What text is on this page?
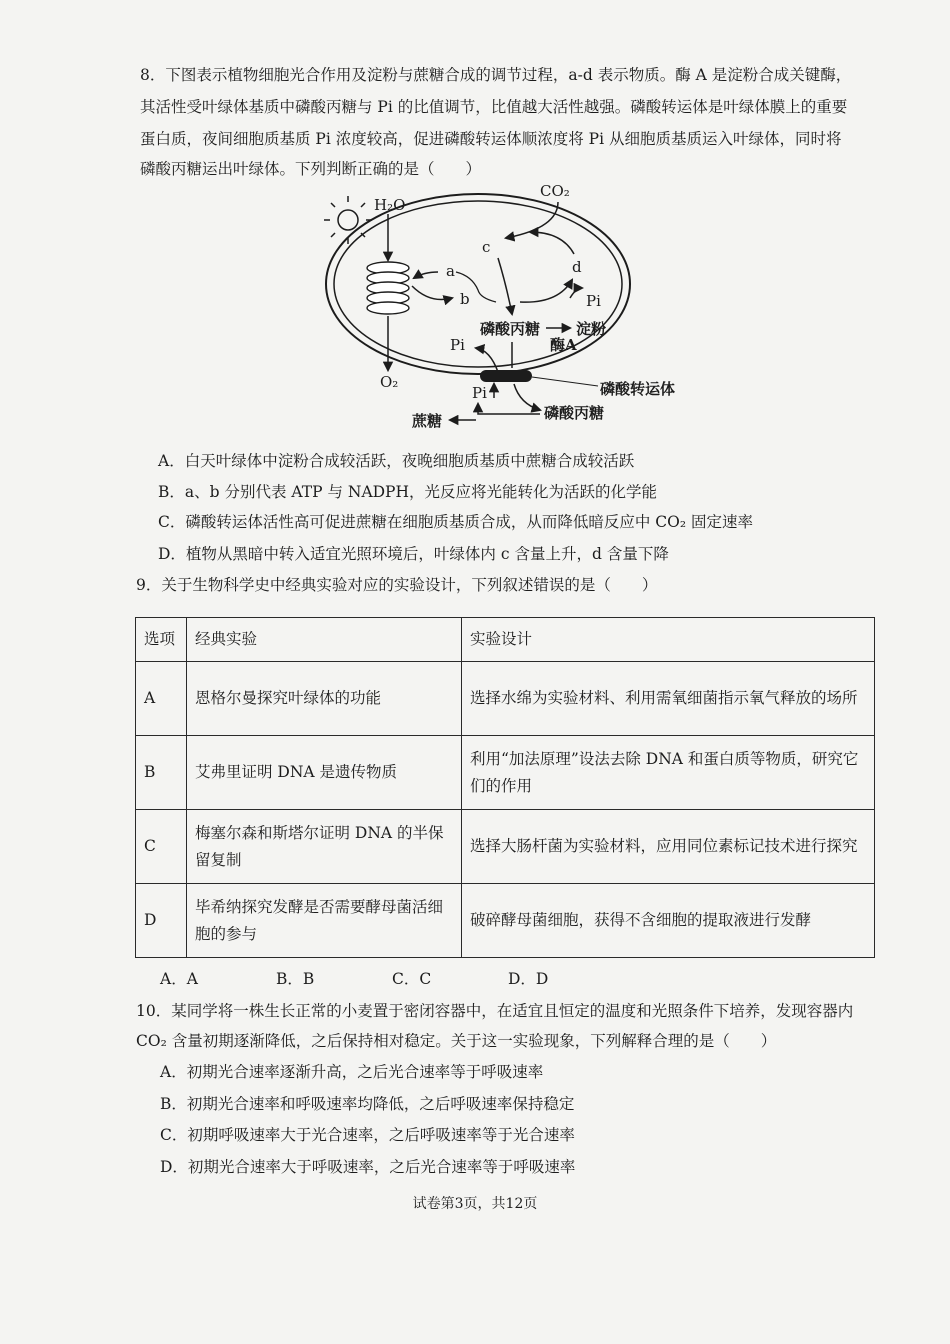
8．下图表示植物细胞光合作用及淀粉与蔗糖合成的调节过程，a-d 表示物质。酶 A 是淀粉合成关键酶，
其活性受叶绿体基质中磷酸丙糖与 Pi 的比值调节，比值越大活性越强。磷酸转运体是叶绿体膜上的重要
蛋白质，夜间细胞质基质 Pi 浓度较高，促进磷酸转运体顺浓度将 Pi 从细胞质基质运入叶绿体，同时将
磷酸丙糖运出叶绿体。下列判断正确的是（　　）
H₂O
O₂
a
b
c
d
CO₂
Pi
磷酸丙糖 淀粉
酶A
Pi
磷酸转运体
Pi
磷酸丙糖
蔗糖
A．白天叶绿体中淀粉合成较活跃，夜晚细胞质基质中蔗糖合成较活跃
B．a、b 分别代表 ATP 与 NADPH，光反应将光能转化为活跃的化学能
C．磷酸转运体活性高可促进蔗糖在细胞质基质合成，从而降低暗反应中 CO₂ 固定速率
D．植物从黑暗中转入适宜光照环境后，叶绿体内 c 含量上升，d 含量下降
9．关于生物科学史中经典实验对应的实验设计，下列叙述错误的是（　　）
选项	经典实验	实验设计
A	恩格尔曼探究叶绿体的功能	选择水绵为实验材料、利用需氧细菌指示氧气释放的场所
B	艾弗里证明 DNA 是遗传物质	利用“加法原理”设法去除 DNA 和蛋白质等物质，研究它们的作用
C	梅塞尔森和斯塔尔证明 DNA 的半保留复制	选择大肠杆菌为实验材料，应用同位素标记技术进行探究
D	毕希纳探究发酵是否需要酵母菌活细胞的参与	破碎酵母菌细胞，获得不含细胞的提取液进行发酵
A．A	B．B	C．C	D．D
10．某同学将一株生长正常的小麦置于密闭容器中，在适宜且恒定的温度和光照条件下培养，发现容器内
CO₂ 含量初期逐渐降低，之后保持相对稳定。关于这一实验现象，下列解释合理的是（　　）
A．初期光合速率逐渐升高，之后光合速率等于呼吸速率
B．初期光合速率和呼吸速率均降低，之后呼吸速率保持稳定
C．初期呼吸速率大于光合速率，之后呼吸速率等于光合速率
D．初期光合速率大于呼吸速率，之后光合速率等于呼吸速率
试卷第3页，共12页
